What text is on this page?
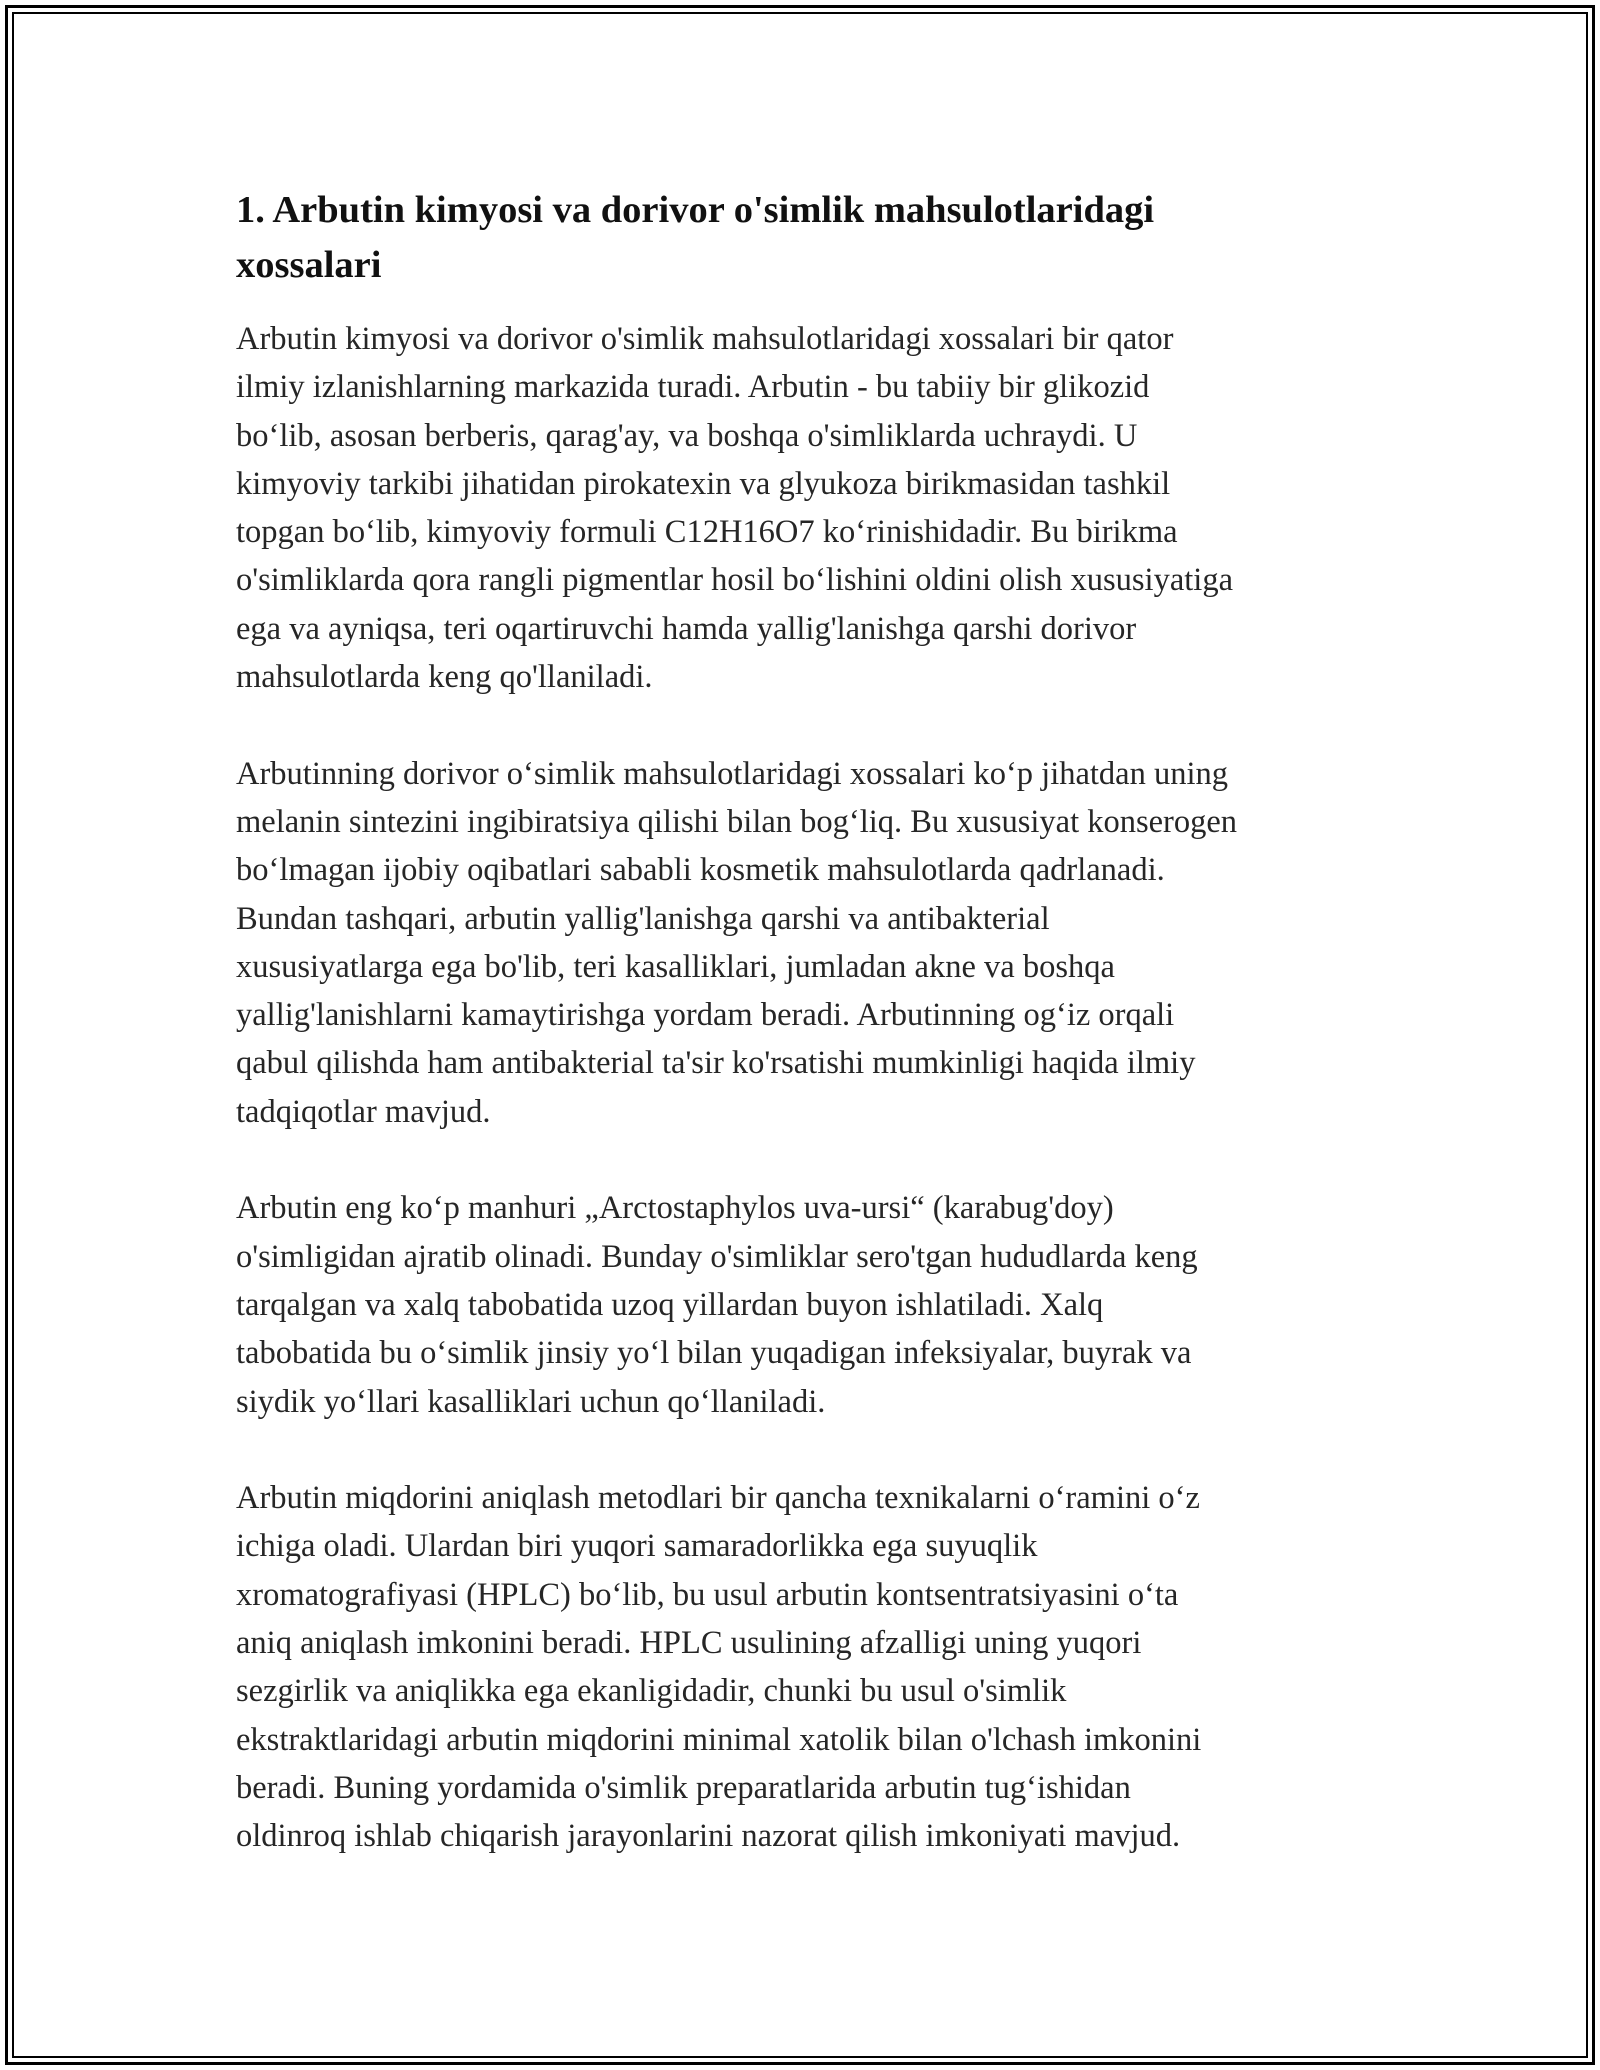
1. Arbutin kimyosi va dorivor o'simlik mahsulotlaridagi
xossalari

Arbutin kimyosi va dorivor o'simlik mahsulotlaridagi xossalari bir qator
ilmiy izlanishlarning markazida turadi. Arbutin - bu tabiiy bir glikozid
bo‘lib, asosan berberis, qarag'ay, va boshqa o'simliklarda uchraydi. U
kimyoviy tarkibi jihatidan pirokatexin va glyukoza birikmasidan tashkil
topgan bo‘lib, kimyoviy formuli C12H16O7 ko‘rinishidadir. Bu birikma
o'simliklarda qora rangli pigmentlar hosil bo‘lishini oldini olish xususiyatiga
ega va ayniqsa, teri oqartiruvchi hamda yallig'lanishga qarshi dorivor
mahsulotlarda keng qo'llaniladi.

Arbutinning dorivor o‘simlik mahsulotlaridagi xossalari ko‘p jihatdan uning
melanin sintezini ingibiratsiya qilishi bilan bog‘liq. Bu xususiyat konserogen
bo‘lmagan ijobiy oqibatlari sababli kosmetik mahsulotlarda qadrlanadi.
Bundan tashqari, arbutin yallig'lanishga qarshi va antibakterial
xususiyatlarga ega bo'lib, teri kasalliklari, jumladan akne va boshqa
yallig'lanishlarni kamaytirishga yordam beradi. Arbutinning og‘iz orqali
qabul qilishda ham antibakterial ta'sir ko'rsatishi mumkinligi haqida ilmiy
tadqiqotlar mavjud.

Arbutin eng ko‘p manhuri „Arctostaphylos uva-ursi“ (karabug'doy)
o'simligidan ajratib olinadi. Bunday o'simliklar sero'tgan hududlarda keng
tarqalgan va xalq tabobatida uzoq yillardan buyon ishlatiladi. Xalq
tabobatida bu o‘simlik jinsiy yo‘l bilan yuqadigan infeksiyalar, buyrak va
siydik yo‘llari kasalliklari uchun qo‘llaniladi.

Arbutin miqdorini aniqlash metodlari bir qancha texnikalarni o‘ramini o‘z
ichiga oladi. Ulardan biri yuqori samaradorlikka ega suyuqlik
xromatografiyasi (HPLC) bo‘lib, bu usul arbutin kontsentratsiyasini o‘ta
aniq aniqlash imkonini beradi. HPLC usulining afzalligi uning yuqori
sezgirlik va aniqlikka ega ekanligidadir, chunki bu usul o'simlik
ekstraktlaridagi arbutin miqdorini minimal xatolik bilan o'lchash imkonini
beradi. Buning yordamida o'simlik preparatlarida arbutin tug‘ishidan
oldinroq ishlab chiqarish jarayonlarini nazorat qilish imkoniyati mavjud.
